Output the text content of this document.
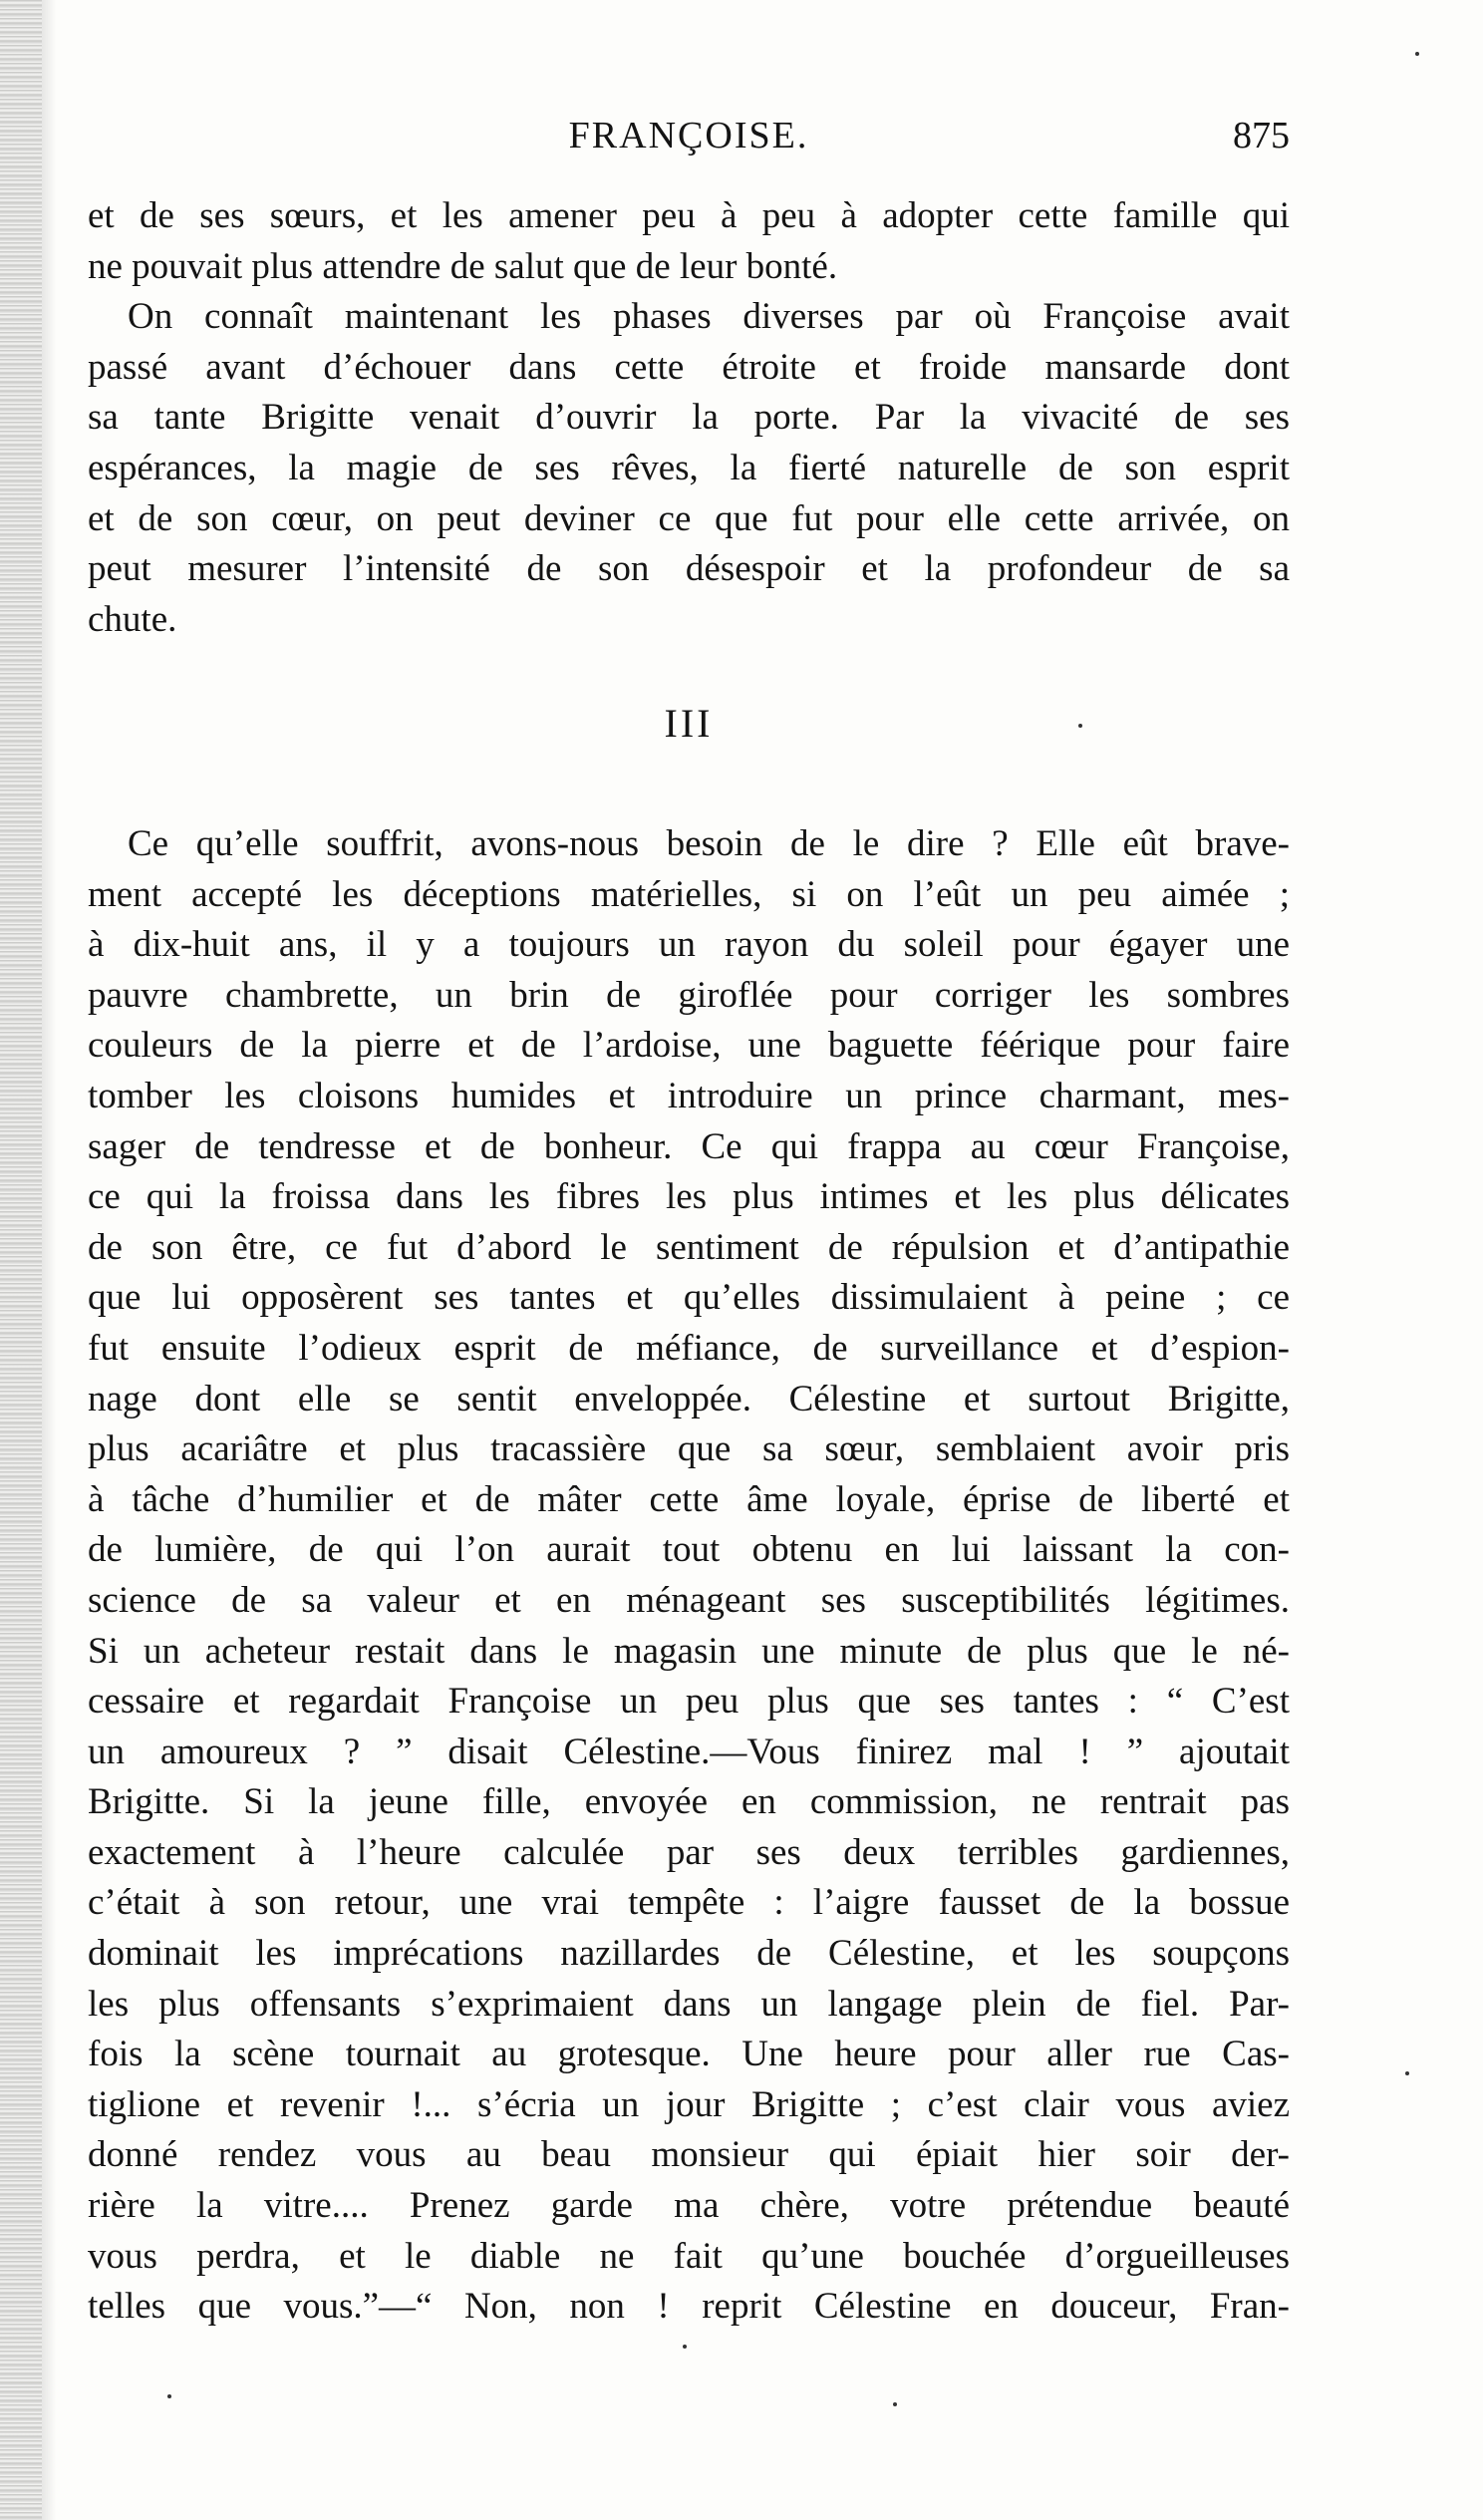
FRANÇOISE.	875
et de ses sœurs, et les amener peu à peu à adopter cette famille qui
ne pouvait plus attendre de salut que de leur bonté.
On connaît maintenant les phases diverses par où Françoise avait
passé avant d’échouer dans cette étroite et froide mansarde dont
sa tante Brigitte venait d’ouvrir la porte. Par la vivacité de ses
espérances, la magie de ses rêves, la fierté naturelle de son esprit
et de son cœur, on peut deviner ce que fut pour elle cette arrivée, on
peut mesurer l’intensité de son désespoir et la profondeur de sa
chute.
III
Ce qu’elle souffrit, avons-nous besoin de le dire ? Elle eût brave-
ment accepté les déceptions matérielles, si on l’eût un peu aimée ;
à dix-huit ans, il y a toujours un rayon du soleil pour égayer une
pauvre chambrette, un brin de giroflée pour corriger les sombres
couleurs de la pierre et de l’ardoise, une baguette féérique pour faire
tomber les cloisons humides et introduire un prince charmant, mes-
sager de tendresse et de bonheur. Ce qui frappa au cœur Françoise,
ce qui la froissa dans les fibres les plus intimes et les plus délicates
de son être, ce fut d’abord le sentiment de répulsion et d’antipathie
que lui opposèrent ses tantes et qu’elles dissimulaient à peine ; ce
fut ensuite l’odieux esprit de méfiance, de surveillance et d’espion-
nage dont elle se sentit enveloppée. Célestine et surtout Brigitte,
plus acariâtre et plus tracassière que sa sœur, semblaient avoir pris
à tâche d’humilier et de mâter cette âme loyale, éprise de liberté et
de lumière, de qui l’on aurait tout obtenu en lui laissant la con-
science de sa valeur et en ménageant ses susceptibilités légitimes.
Si un acheteur restait dans le magasin une minute de plus que le né-
cessaire et regardait Françoise un peu plus que ses tantes : “ C’est
un amoureux ? ” disait Célestine.—Vous finirez mal ! ” ajoutait
Brigitte. Si la jeune fille, envoyée en commission, ne rentrait pas
exactement à l’heure calculée par ses deux terribles gardiennes,
c’était à son retour, une vrai tempête : l’aigre fausset de la bossue
dominait les imprécations nazillardes de Célestine, et les soupçons
les plus offensants s’exprimaient dans un langage plein de fiel. Par-
fois la scène tournait au grotesque. Une heure pour aller rue Cas-
tiglione et revenir !... s’écria un jour Brigitte ; c’est clair vous aviez
donné rendez vous au beau monsieur qui épiait hier soir der-
rière la vitre.... Prenez garde ma chère, votre prétendue beauté
vous perdra, et le diable ne fait qu’une bouchée d’orgueilleuses
telles que vous.”—“ Non, non ! reprit Célestine en douceur, Fran-
